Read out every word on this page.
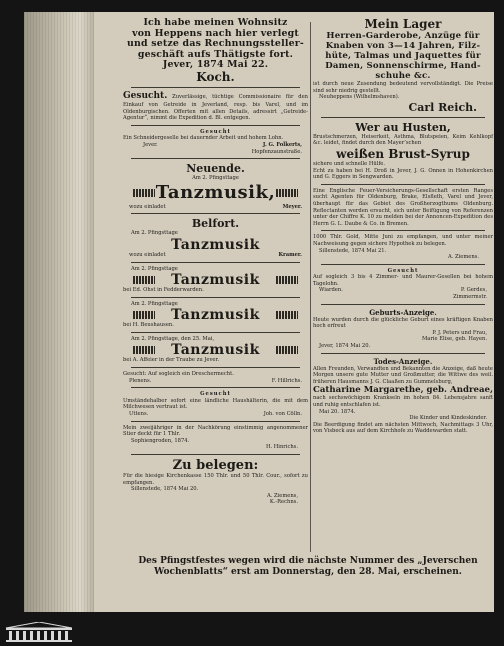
Ich habe meinen Wohnsitz
von Heppens nach hier verlegt
und setze das Rechnungssteller-
geschäft aufs Thätigste fort.
Jever, 1874 Mai 22.
Koch.
Gesucht. Zuverlässige, tüchtige Commissionaire für den Einkauf von Getreide in Jeverland, resp. bis Varel, und im Oldenburgischen. Offerten mit allen Details, adressirt „Getreide-Agentur“, nimmt die Expedition d. Bl. entgegen.
Gesucht
Ein Schneidergeselle bei dauernder Arbeit und hohem Lohn.
Jever.	J. G. Folkerts,
Hopfenzaunstraße.
Neuende.
Am 2. Pfingsttage
Tanzmusik,
wozu einladet	Meyer.
Belfort.
Am 2. Pfingsttage
Tanzmusik
wozu einladet	Kramer.
Am 2. Pfingsttage
Tanzmusik
bei Ed. Ohst in Fedderwarden.
Am 2. Pfingsttage
Tanzmusik
bei H. Beushausen.
Am 2. Pfingsttage, den 25. Mai,
Tanzmusik
bei A. Affeier in der Traube zu Jever.
Gesucht: Auf sogleich ein Dreschermecht.
Plenens.	F. Hillrichs.
Gesucht
Umständehalber sofort eine ländliche Haushälterin, die mit dem Milchwesen vertraut ist.
Uttens.	Joh. von Cölln.
Mein zweijähriger in der Nachkörung einstimmig angenommener Stier deckt für 1 Thlr.
Sophiengroden, 1874.
H. Hinrichs.
Zu belegen:
Für die hiesige Kirchenkasse 150 Thlr. und 50 Thlr. Cour., sofort zu empfangen.
Sillenstede, 1874 Mai 20.
A. Ziemens,
K.-Rechns.
Mein Lager
Herren-Garderobe, Anzüge für
Knaben von 3—14 Jahren, Filz-
hüte, Talmas und Jaquettes für
Damen, Sonnenschirme, Hand-
schuhe &c.
ist durch neue Zusendung bedeutend vervollständigt. Die Preise sind sehr niedrig gestellt.
Neuheppens (Wilhelmshaven).
Carl Reich.
Wer au Husten,
Brustschmerzen, Heiserkeit, Asthma, Blutspeien, Keim Kehlkopf &c. leidet, findet durch den Mayer’schen
weißen Brust-Syrup
sichere und schnelle Hülfe.
Echt zu haben bei H. Droß in Jever, J. G. Onnen in Hohenkirchen und G. Eggers in Sengwarden.
Eine Englische Feuer-Versicherungs-Gesellschaft ersten Ranges sucht Agenten für Oldenburg, Brake, Elsfleth, Varel und Jever, überhaupt für das Gebiet des Großherzogthums Oldenburg. Reflectanten werden ersucht, sich unter Beifügung von Referenzen unter der Chiffre K. 10 zu melden bei der Annoncen-Expedition des Herrn G. L. Daube & Co. in Bremen.
1000 Thlr. Gold, Mitte Juni zu empfangen, und unter meiner Nachweisung gegen sichere Hypothek zu belegen.
Sillenstede, 1874 Mai 21.
A. Ziemens.
Gesucht
Auf sogleich 3 bis 4 Zimmer- und Maurer-Gesellen bei hohem Tagelohn.
Wiarden.	P. Gerdes,
Zimmermstr.
Geburts-Anzeige.
Heute wurden durch die glückliche Geburt eines kräftigen Knaben hoch erfreut
P. J. Peters und Frau,
Marie Elise, geb. Hayen.
Jever, 1874 Mai 20.
Todes-Anzeige.
Allen Freunden, Verwandten und Bekannten die Anzeige, daß heute Morgen unsere gute Mutter und Großmutter, die Wittwe des weil. früheren Hausmanns J. G. Claaßen zu Gummelsburg,
Catharine Margarethe, geb. Andreae,
nach sechswöchigem Krankseln im hohen 84. Lebensjahre sanft und ruhig entschlafen ist.
Mai 20. 1874.
Die Kinder und Kindeskinder.
Die Beerdigung findet am nächsten Mittwoch, Nachmittags 3 Uhr, von Visbeck aus auf dem Kirchhofe zu Waddewarden statt.
Des Pfingstfestes wegen wird die nächste Nummer des „Jeverschen Wochenblatts“ erst am Donnerstag, den 28. Mai, erscheinen.
